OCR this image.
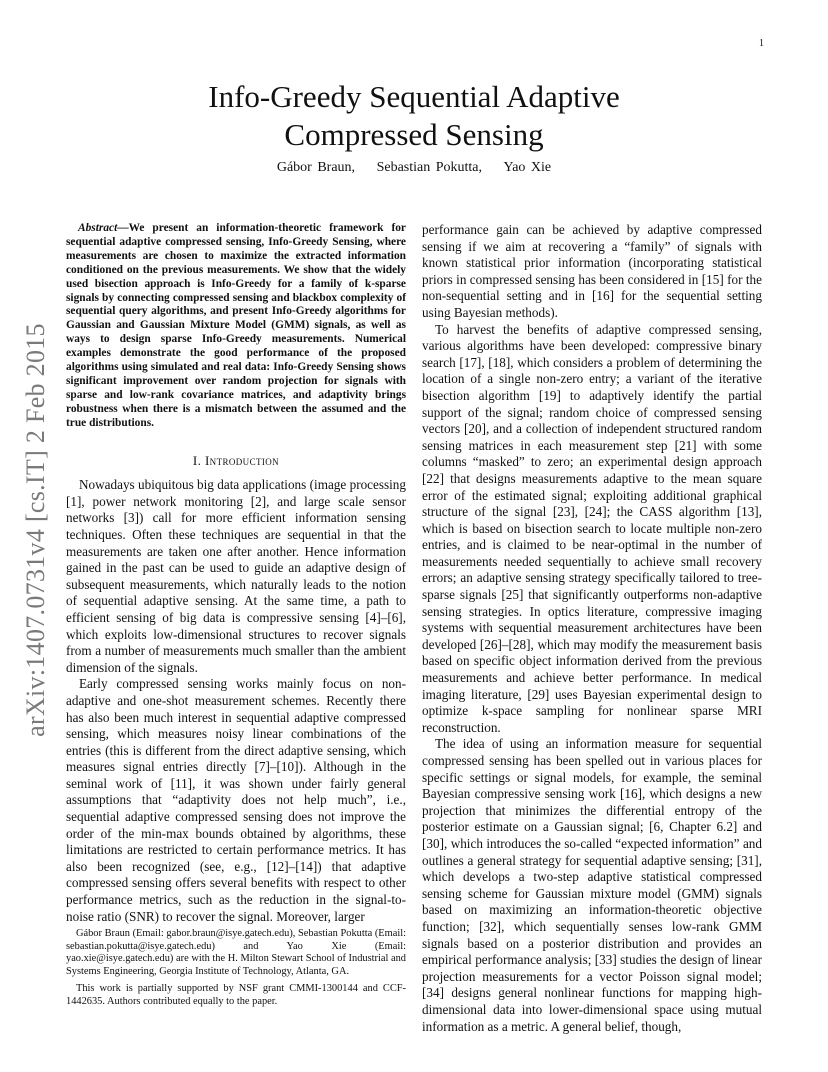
1
arXiv:1407.0731v4 [cs.IT] 2 Feb 2015
Info-Greedy Sequential Adaptive
Compressed Sensing
Gábor Braun, Sebastian Pokutta, Yao Xie

Abstract—We present an information-theoretic framework for sequential adaptive compressed sensing, Info-Greedy Sensing, where measurements are chosen to maximize the extracted information conditioned on the previous measurements. We show that the widely used bisection approach is Info-Greedy for a family of k-sparse signals by connecting compressed sensing and blackbox complexity of sequential query algorithms, and present Info-Greedy algorithms for Gaussian and Gaussian Mixture Model (GMM) signals, as well as ways to design sparse Info-Greedy measurements. Numerical examples demonstrate the good performance of the proposed algorithms using simulated and real data: Info-Greedy Sensing shows significant improvement over random projection for signals with sparse and low-rank covariance matrices, and adaptivity brings robustness when there is a mismatch between the assumed and the true distributions.

I. Introduction

Nowadays ubiquitous big data applications (image processing [1], power network monitoring [2], and large scale sensor networks [3]) call for more efficient information sensing techniques. Often these techniques are sequential in that the measurements are taken one after another. Hence information gained in the past can be used to guide an adaptive design of subsequent measurements, which naturally leads to the notion of sequential adaptive sensing. At the same time, a path to efficient sensing of big data is compressive sensing [4]–[6], which exploits low-dimensional structures to recover signals from a number of measurements much smaller than the ambient dimension of the signals.

Early compressed sensing works mainly focus on non-adaptive and one-shot measurement schemes. Recently there has also been much interest in sequential adaptive compressed sensing, which measures noisy linear combinations of the entries (this is different from the direct adaptive sensing, which measures signal entries directly [7]–[10]). Although in the seminal work of [11], it was shown under fairly general assumptions that “adaptivity does not help much”, i.e., sequential adaptive compressed sensing does not improve the order of the min-max bounds obtained by algorithms, these limitations are restricted to certain performance metrics. It has also been recognized (see, e.g., [12]–[14]) that adaptive compressed sensing offers several benefits with respect to other performance metrics, such as the reduction in the signal-to-noise ratio (SNR) to recover the signal. Moreover, larger

Gábor Braun (Email: gabor.braun@isye.gatech.edu), Sebastian Pokutta (Email: sebastian.pokutta@isye.gatech.edu) and Yao Xie (Email: yao.xie@isye.gatech.edu) are with the H. Milton Stewart School of Industrial and Systems Engineering, Georgia Institute of Technology, Atlanta, GA.

This work is partially supported by NSF grant CMMI-1300144 and CCF-1442635. Authors contributed equally to the paper.

performance gain can be achieved by adaptive compressed sensing if we aim at recovering a “family” of signals with known statistical prior information (incorporating statistical priors in compressed sensing has been considered in [15] for the non-sequential setting and in [16] for the sequential setting using Bayesian methods).

To harvest the benefits of adaptive compressed sensing, various algorithms have been developed: compressive binary search [17], [18], which considers a problem of determining the location of a single non-zero entry; a variant of the iterative bisection algorithm [19] to adaptively identify the partial support of the signal; random choice of compressed sensing vectors [20], and a collection of independent structured random sensing matrices in each measurement step [21] with some columns “masked” to zero; an experimental design approach [22] that designs measurements adaptive to the mean square error of the estimated signal; exploiting additional graphical structure of the signal [23], [24]; the CASS algorithm [13], which is based on bisection search to locate multiple non-zero entries, and is claimed to be near-optimal in the number of measurements needed sequentially to achieve small recovery errors; an adaptive sensing strategy specifically tailored to tree-sparse signals [25] that significantly outperforms non-adaptive sensing strategies. In optics literature, compressive imaging systems with sequential measurement architectures have been developed [26]–[28], which may modify the measurement basis based on specific object information derived from the previous measurements and achieve better performance. In medical imaging literature, [29] uses Bayesian experimental design to optimize k-space sampling for nonlinear sparse MRI reconstruction.

The idea of using an information measure for sequential compressed sensing has been spelled out in various places for specific settings or signal models, for example, the seminal Bayesian compressive sensing work [16], which designs a new projection that minimizes the differential entropy of the posterior estimate on a Gaussian signal; [6, Chapter 6.2] and [30], which introduces the so-called “expected information” and outlines a general strategy for sequential adaptive sensing; [31], which develops a two-step adaptive statistical compressed sensing scheme for Gaussian mixture model (GMM) signals based on maximizing an information-theoretic objective function; [32], which sequentially senses low-rank GMM signals based on a posterior distribution and provides an empirical performance analysis; [33] studies the design of linear projection measurements for a vector Poisson signal model; [34] designs general nonlinear functions for mapping high-dimensional data into lower-dimensional space using mutual information as a metric. A general belief, though,
